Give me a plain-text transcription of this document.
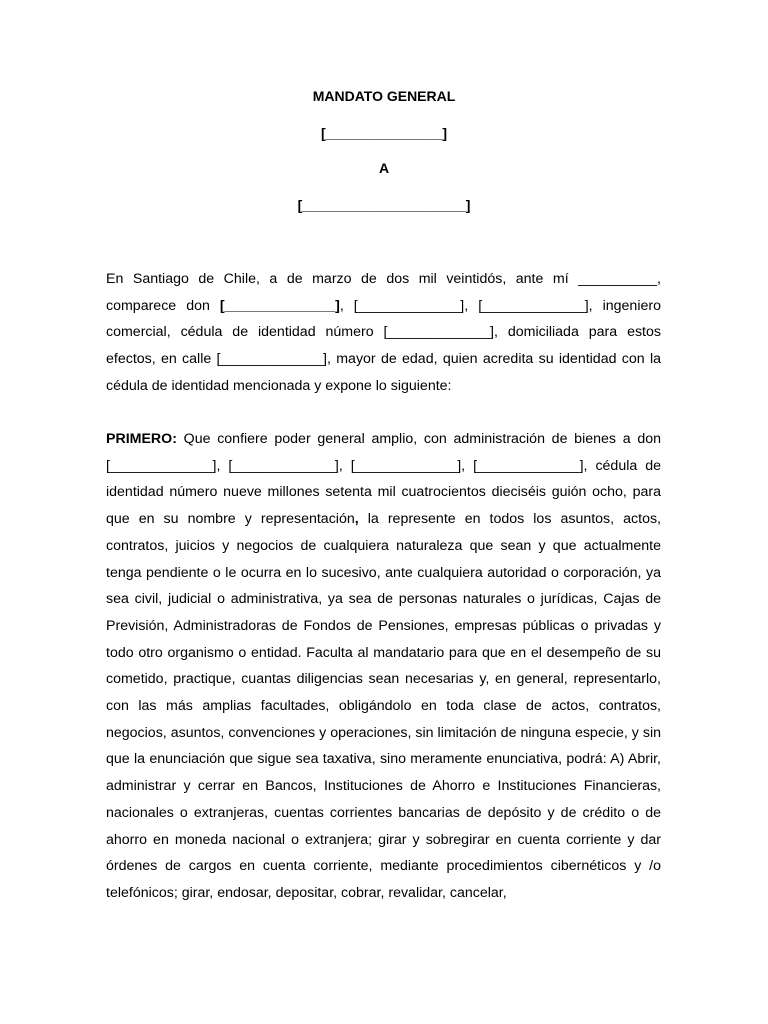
MANDATO GENERAL
[_______________]
A
[_____________________]

En Santiago de Chile, a de marzo de dos mil veintidós, ante mí __________, comparece don [______________], [_____________], [_____________], ingeniero comercial, cédula de identidad número [_____________], domiciliada para estos efectos, en calle [_____________], mayor de edad, quien acredita su identidad con la cédula de identidad mencionada y expone lo siguiente:

PRIMERO: Que confiere poder general amplio, con administración de bienes a don [_____________], [_____________], [_____________], [_____________], cédula de identidad número nueve millones setenta mil cuatrocientos dieciséis guión ocho, para que en su nombre y representación, la represente en todos los asuntos, actos, contratos, juicios y negocios de cualquiera naturaleza que sean y que actualmente tenga pendiente o le ocurra en lo sucesivo, ante cualquiera autoridad o corporación, ya sea civil, judicial o administrativa, ya sea de personas naturales o jurídicas, Cajas de Previsión, Administradoras de Fondos de Pensiones, empresas públicas o privadas y todo otro organismo o entidad. Faculta al mandatario para que en el desempeño de su cometido, practique, cuantas diligencias sean necesarias y, en general, representarlo, con las más amplias facultades, obligándolo en toda clase de actos, contratos, negocios, asuntos, convenciones y operaciones, sin limitación de ninguna especie, y sin que la enunciación que sigue sea taxativa, sino meramente enunciativa, podrá: A) Abrir, administrar y cerrar en Bancos, Instituciones de Ahorro e Instituciones Financieras, nacionales o extranjeras, cuentas corrientes bancarias de depósito y de crédito o de ahorro en moneda nacional o extranjera; girar y sobregirar en cuenta corriente y dar órdenes de cargos en cuenta corriente, mediante procedimientos cibernéticos y /o telefónicos; girar, endosar, depositar, cobrar, revalidar, cancelar,
